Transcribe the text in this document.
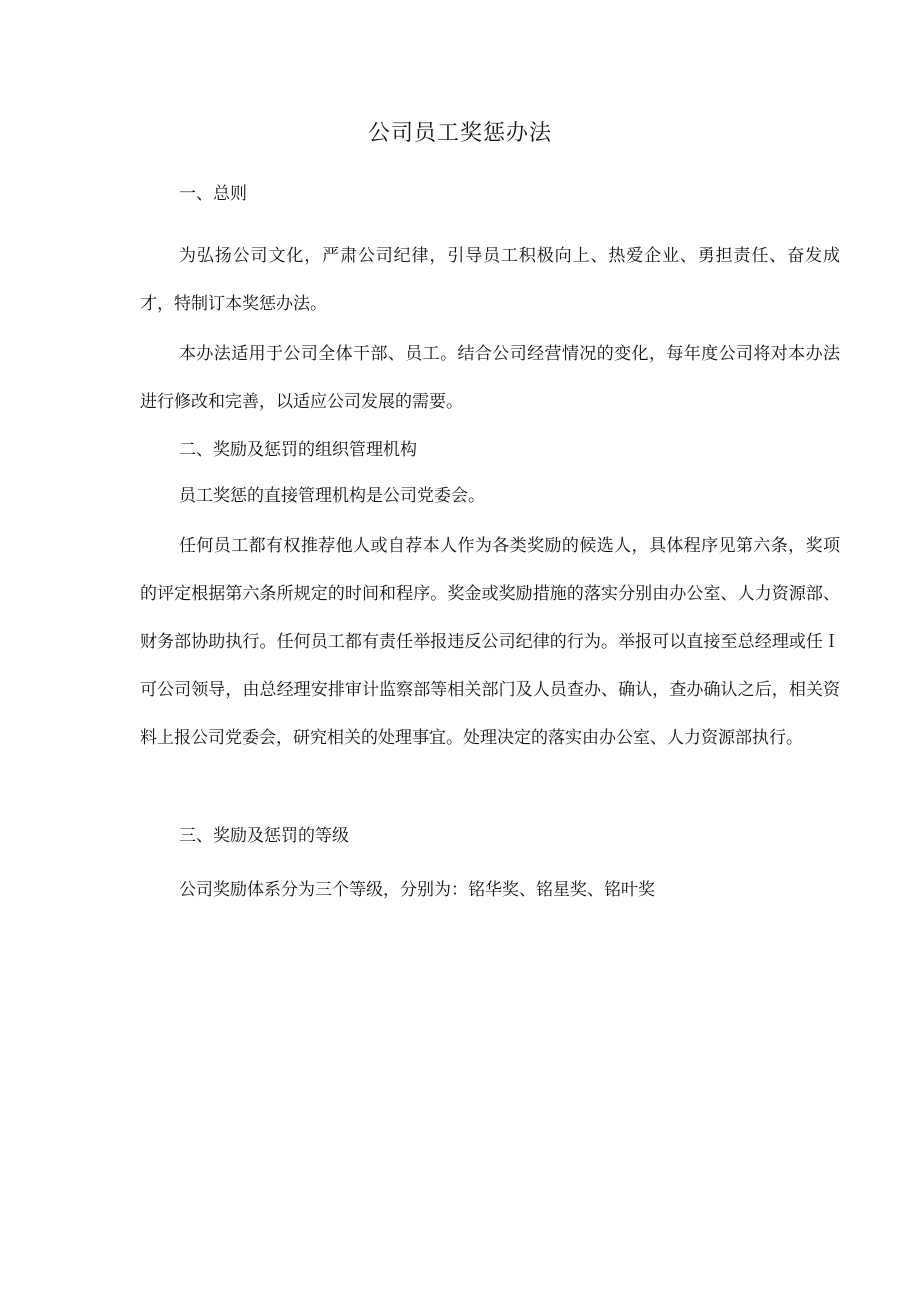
公司员工奖惩办法
一、总则

为弘扬公司文化，严肃公司纪律，引导员工积极向上、热爱企业、勇担责任、奋发成才，特制订本奖惩办法。

本办法适用于公司全体干部、员工。结合公司经营情况的变化，每年度公司将对本办法进行修改和完善，以适应公司发展的需要。

二、奖励及惩罚的组织管理机构

员工奖惩的直接管理机构是公司党委会。

任何员工都有权推荐他人或自荐本人作为各类奖励的候选人，具体程序见第六条，奖项的评定根据第六条所规定的时间和程序。奖金或奖励措施的落实分别由办公室、人力资源部、财务部协助执行。任何员工都有责任举报违反公司纪律的行为。举报可以直接至总经理或任Ｉ可公司领导，由总经理安排审计监察部等相关部门及人员查办、确认，查办确认之后，相关资料上报公司党委会，研究相关的处理事宜。处理决定的落实由办公室、人力资源部执行。

三、奖励及惩罚的等级

公司奖励体系分为三个等级，分别为：铭华奖、铭星奖、铭叶奖
